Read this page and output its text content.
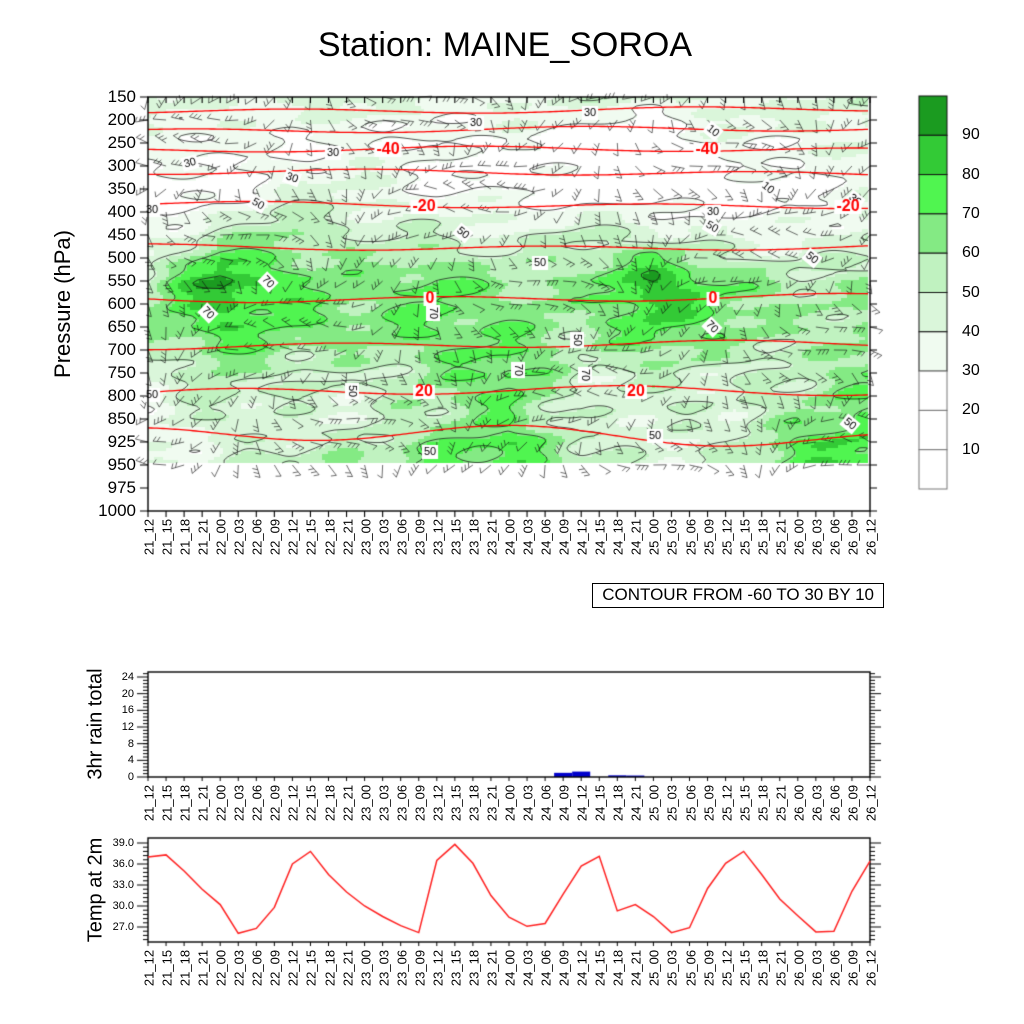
Station: MAINE_SOROA
Pressure (hPa)
3hr rain total
Temp at 2m
CONTOUR FROM -60 TO 30 BY 10
21_12 21_15 21_18 21_21 22_00 22_03 22_06 22_09 22_12 22_15 22_18 22_21 23_00 23_03 23_06 23_09 23_12 23_15 23_18 23_21 24_00 24_03 24_06 24_09 24_12 24_15 24_18 24_21 25_00 25_03 25_06 25_09 25_12 25_15 25_18 25_21 26_00 26_03 26_06 26_09 26_12
21_12 21_15 21_18 21_21 22_00 22_03 22_06 22_09 22_12 22_15 22_18 22_21 23_00 23_03 23_06 23_09 23_12 23_15 23_18 23_21 24_00 24_03 24_06 24_09 24_12 24_15 24_18 24_21 25_00 25_03 25_06 25_09 25_12 25_15 25_18 25_21 26_00 26_03 26_06 26_09 26_12
21_12 21_15 21_18 21_21 22_00 22_03 22_06 22_09 22_12 22_15 22_18 22_21 23_00 23_03 23_06 23_09 23_12 23_15 23_18 23_21 24_00 24_03 24_06 24_09 24_12 24_15 24_18 24_21 25_00 25_03 25_06 25_09 25_12 25_15 25_18 25_21 26_00 26_03 26_06 26_09 26_12
150
200
250
300
350
400
450
500
550
600
650
700
750
800
850
925
950
975
1000
0
4
8
12
16
20
24
27.0
30.0
33.0
36.0
39.0
90
80
70
60
50
40
30
20
10
